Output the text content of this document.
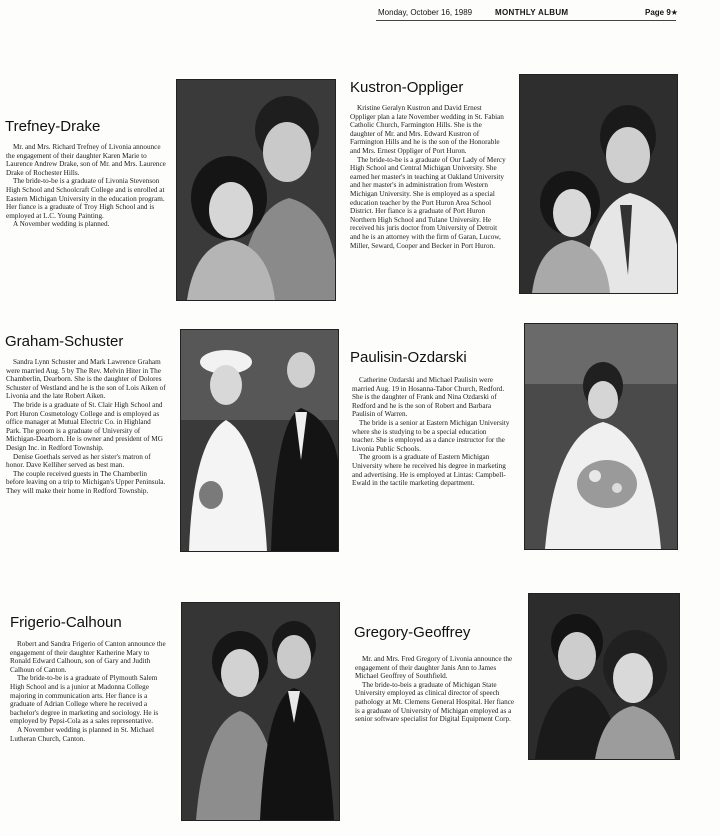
Monday, October 16, 1989	MONTHLY ALBUM	Page 9★
Trefney-Drake

Mr. and Mrs. Richard Trefney of Livonia announce the engagement of their daughter Karen Marie to Laurence Andrew Drake, son of Mr. and Mrs. Laurence Drake of Rochester Hills.

The bride-to-be is a graduate of Livonia Stevenson High School and Schoolcraft College and is enrolled at Eastern Michigan University in the education program. Her fiance is a graduate of Troy High School and is employed at L.C. Young Painting.

A November wedding is planned.

Kustron-Oppliger

Kristine Geralyn Kustron and David Ernest Oppliger plan a late November wedding in St. Fabian Catholic Church, Farmington Hills. She is the daughter of Mr. and Mrs. Edward Kustron of Farmington Hills and he is the son of the Honorable and Mrs. Ernest Oppliger of Port Huron.

The bride-to-be is a graduate of Our Lady of Mercy High School and Central Michigan University. She earned her master's in teaching at Oakland University and her master's in administration from Western Michigan University. She is employed as a special education teacher by the Port Huron Area School District. Her fiance is a graduate of Port Huron Northern High School and Tulane University. He received his juris doctor from University of Detroit and he is an attorney with the firm of Garan, Lucow, Miller, Seward, Cooper and Becker in Port Huron.

Graham-Schuster

Sandra Lynn Schuster and Mark Lawrence Graham were married Aug. 5 by The Rev. Melvin Hiter in The Chamberlin, Dearborn. She is the daughter of Dolores Schuster of Westland and he is the son of Lois Aiken of Livonia and the late Robert Aiken.

The bride is a graduate of St. Clair High School and Port Huron Cosmetology College and is employed as office manager at Mutual Electric Co. in Highland Park. The groom is a graduate of University of Michigan-Dearborn. He is owner and president of MG Design Inc. in Redford Township.

Denise Goethals served as her sister's matron of honor. Dave Kelliher served as best man.

The couple received guests in The Chamberlin before leaving on a trip to Michigan's Upper Peninsula. They will make their home in Redford Township.

Paulisin-Ozdarski

Catherine Ozdarski and Michael Paulisin were married Aug. 19 in Hosanna-Tabor Church, Redford. She is the daughter of Frank and Nina Ozdarski of Redford and he is the son of Robert and Barbara Paulisin of Warren.

The bride is a senior at Eastern Michigan University where she is studying to be a special education teacher. She is employed as a dance instructor for the Livonia Public Schools.

The groom is a graduate of Eastern Michigan University where he received his degree in marketing and advertising. He is employed at Lintas: Campbell-Ewald in the tactile marketing department.

Frigerio-Calhoun

Robert and Sandra Frigerio of Canton announce the engagement of their daughter Katherine Mary to Ronald Edward Calhoun, son of Gary and Judith Calhoun of Canton.

The bride-to-be is a graduate of Plymouth Salem High School and is a junior at Madonna College majoring in communication arts. Her fiance is a graduate of Adrian College where he received a bachelor's degree in marketing and sociology. He is employed by Pepsi-Cola as a sales representative.

A November wedding is planned in St. Michael Lutheran Church, Canton.

Gregory-Geoffrey

Mr. and Mrs. Fred Gregory of Livonia announce the engagement of their daughter Janis Ann to James Michael Geoffrey of Southfield.

The bride-to-beis a graduate of Michigan State University employed as clinical director of speech pathology at Mt. Clemens General Hospital. Her fiance is a graduate of University of Michigan employed as a senior software specialist for Digital Equipment Corp.
